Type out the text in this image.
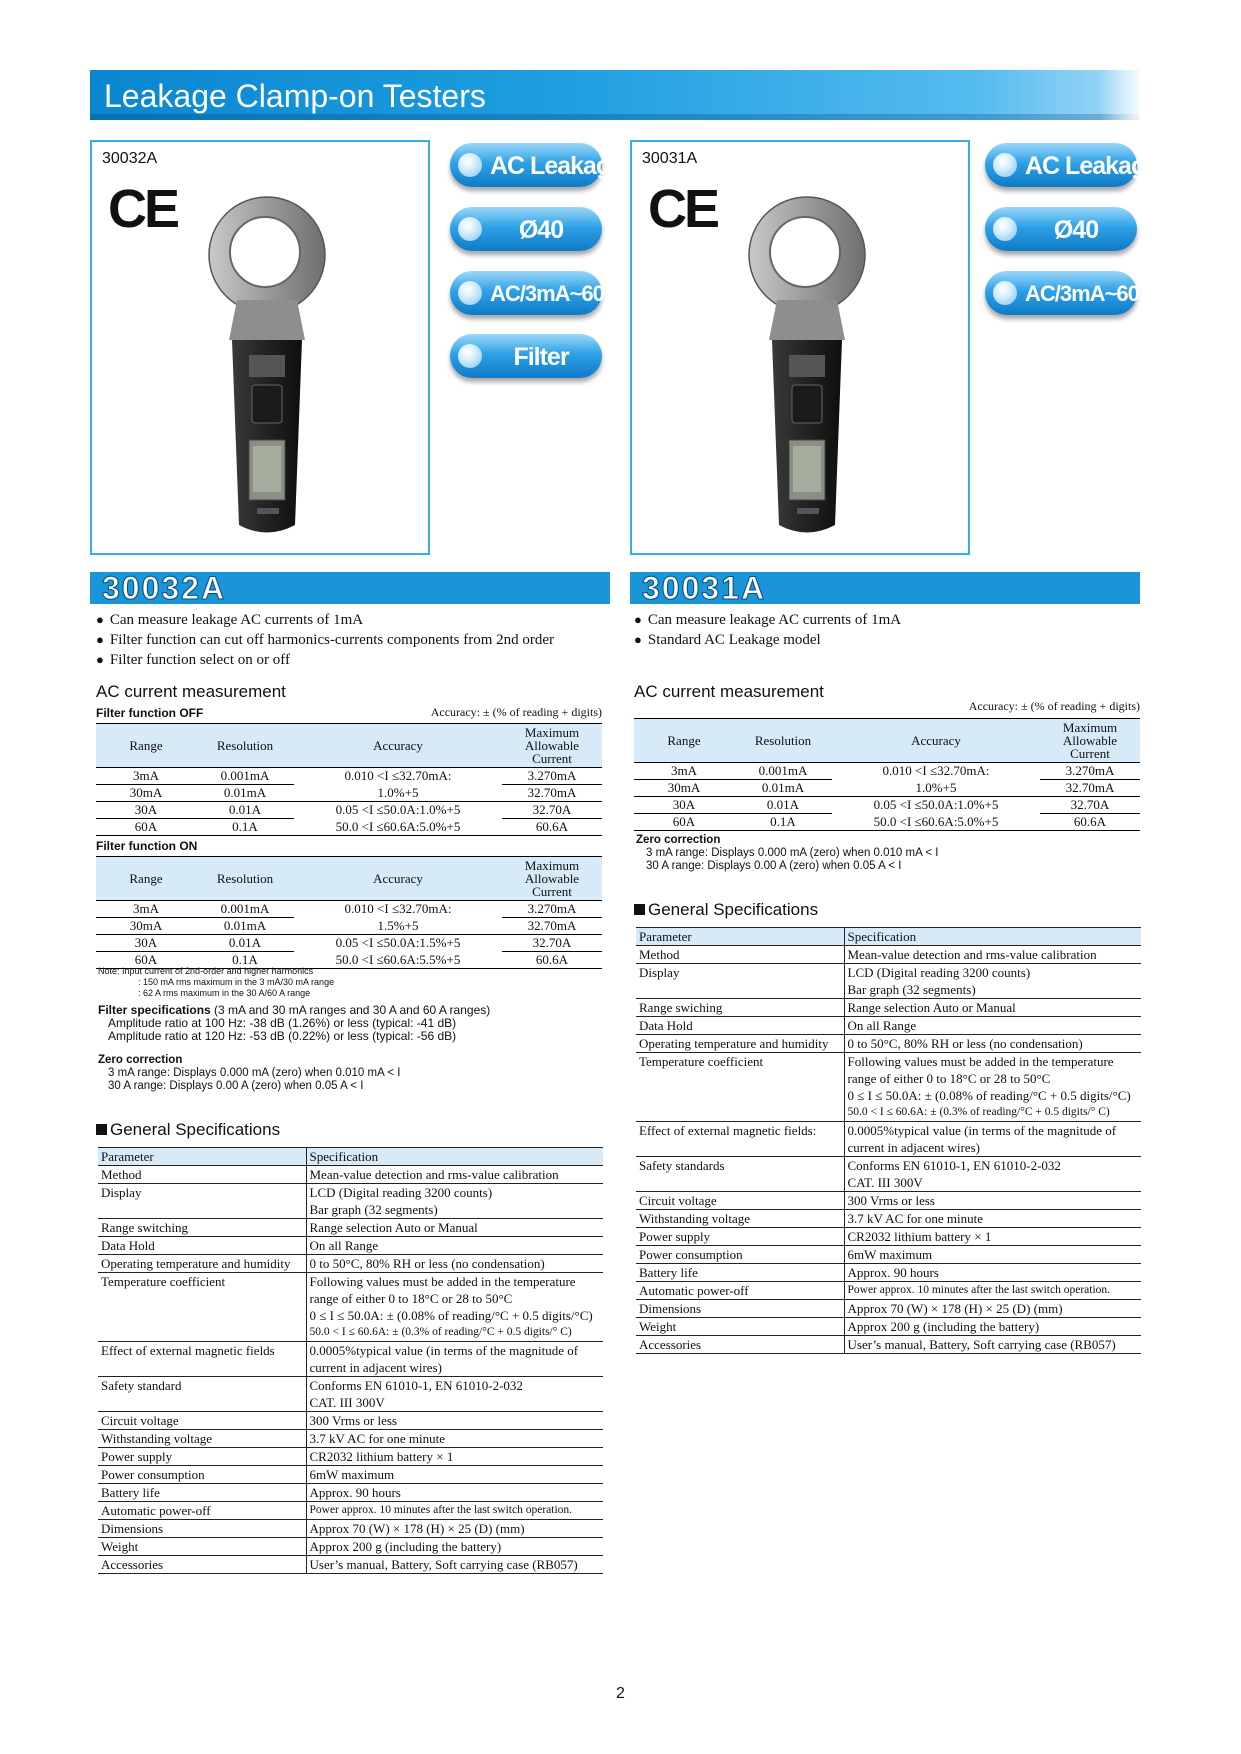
Leakage Clamp-on Testers
30032A
CE
AC Leakage
Ø40
AC/3mA~60A
Filter
30032A
● Can measure leakage AC currents of 1mA
● Filter function can cut off harmonics-currents components from 2nd order
● Filter function select on or off
AC current measurement
Filter function OFF	Accuracy: ± (% of reading + digits)
Range	Resolution	Accuracy	Maximum Allowable Current
3mA	0.001mA	0.010 <I ≤32.70mA:	3.270mA
30mA	0.01mA	1.0%+5	32.70mA
30A	0.01A	0.05 <I ≤50.0A:1.0%+5	32.70A
60A	0.1A	50.0 <I ≤60.6A:5.0%+5	60.6A
Filter function ON
Range	Resolution	Accuracy	Maximum Allowable Current
3mA	0.001mA	0.010 <I ≤32.70mA:	3.270mA
30mA	0.01mA	1.5%+5	32.70mA
30A	0.01A	0.05 <I ≤50.0A:1.5%+5	32.70A
60A	0.1A	50.0 <I ≤60.6A:5.5%+5	60.6A
Note: Input current of 2nd-order and higher harmonics
: 150 mA rms maximum in the 3 mA/30 mA range
: 62 A rms maximum in the 30 A/60 A range
Filter specifications (3 mA and 30 mA ranges and 30 A and 60 A ranges)
Amplitude ratio at 100 Hz: -38 dB (1.26%) or less (typical: -41 dB)
Amplitude ratio at 120 Hz: -53 dB (0.22%) or less (typical: -56 dB)
Zero correction
3 mA range: Displays 0.000 mA (zero) when 0.010 mA < I
30 A range: Displays 0.00 A (zero) when 0.05 A < I
General Specifications
Parameter	Specification
Method	Mean-value detection and rms-value calibration

Display	LCD (Digital reading 3200 counts)
Bar graph (32 segments)

Range switching	Range selection Auto or Manual

Data Hold	On all Range

Operating temperature and humidity	0 to 50°C, 80% RH or less (no condensation)

Temperature coefficient	Following values must be added in the temperature
range of either 0 to 18°C or 28 to 50°C
0 ≤ I ≤ 50.0A: ± (0.08% of reading/°C + 0.5 digits/°C)
50.0 < I ≤ 60.6A: ± (0.3% of reading/°C + 0.5 digits/° C)

Effect of external magnetic fields	0.0005%typical value (in terms of the magnitude of
current in adjacent wires)

Safety standard	Conforms EN 61010-1, EN 61010-2-032
CAT. III 300V

Circuit voltage	300 Vrms or less

Withstanding voltage	3.7 kV AC for one minute

Power supply	CR2032 lithium battery × 1

Power consumption	6mW maximum

Battery life	Approx. 90 hours

Automatic power-off	Power approx. 10 minutes after the last switch operation.

Dimensions	Approx 70 (W) × 178 (H) × 25 (D) (mm)

Weight	Approx 200 g (including the battery)

Accessories	User’s manual, Battery, Soft carrying case (RB057)
30031A
CE
AC Leakage
Ø40
AC/3mA~60A
30031A
● Can measure leakage AC currents of 1mA
● Standard AC Leakage model
AC current measurement
Accuracy: ± (% of reading + digits)
Range	Resolution	Accuracy	Maximum Allowable Current
3mA	0.001mA	0.010 <I ≤32.70mA:	3.270mA
30mA	0.01mA	1.0%+5	32.70mA
30A	0.01A	0.05 <I ≤50.0A:1.0%+5	32.70A
60A	0.1A	50.0 <I ≤60.6A:5.0%+5	60.6A
Zero correction
3 mA range: Displays 0.000 mA (zero) when 0.010 mA < I
30 A range: Displays 0.00 A (zero) when 0.05 A < I
General Specifications
Parameter	Specification
Method	Mean-value detection and rms-value calibration

Display	LCD (Digital reading 3200 counts)
Bar graph (32 segments)

Range swiching	Range selection Auto or Manual

Data Hold	On all Range

Operating temperature and humidity	0 to 50°C, 80% RH or less (no condensation)

Temperature coefficient	Following values must be added in the temperature
range of either 0 to 18°C or 28 to 50°C
0 ≤ I ≤ 50.0A: ± (0.08% of reading/°C + 0.5 digits/°C)
50.0 < I ≤ 60.6A: ± (0.3% of reading/°C + 0.5 digits/° C)

Effect of external magnetic fields:	0.0005%typical value (in terms of the magnitude of
current in adjacent wires)

Safety standards	Conforms EN 61010-1, EN 61010-2-032
CAT. III 300V

Circuit voltage	300 Vrms or less

Withstanding voltage	3.7 kV AC for one minute

Power supply	CR2032 lithium battery × 1

Power consumption	6mW maximum

Battery life	Approx. 90 hours

Automatic power-off	Power approx. 10 minutes after the last switch operation.

Dimensions	Approx 70 (W) × 178 (H) × 25 (D) (mm)

Weight	Approx 200 g (including the battery)

Accessories	User’s manual, Battery, Soft carrying case (RB057)
2
